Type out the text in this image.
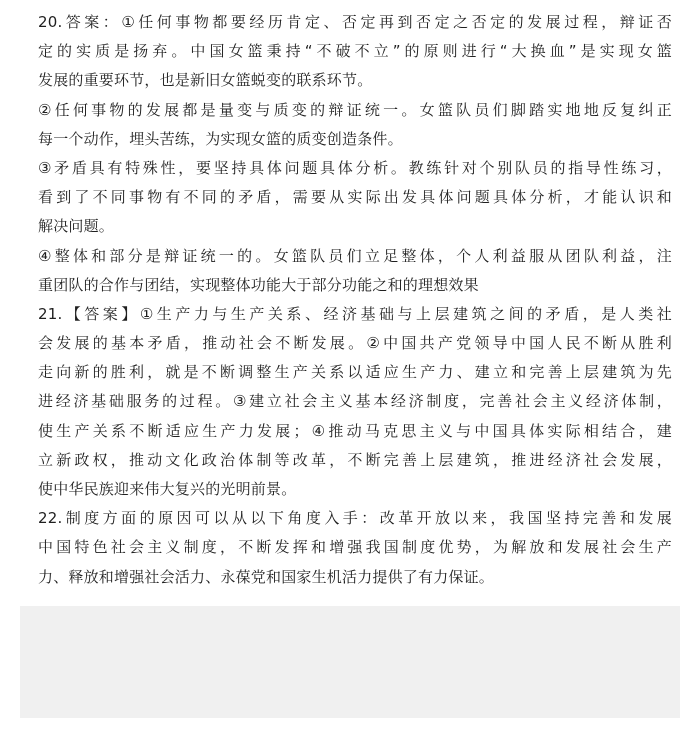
20.答案：①任何事物都要经历肯定、否定再到否定之否定的发展过程，辩证否
定的实质是扬弃。中国女篮秉持“不破不立”的原则进行“大换血”是实现女篮
发展的重要环节，也是新旧女篮蜕变的联系环节。
②任何事物的发展都是量变与质变的辩证统一。女篮队员们脚踏实地地反复纠正
每一个动作，埋头苦练，为实现女篮的质变创造条件。
③矛盾具有特殊性，要坚持具体问题具体分析。教练针对个别队员的指导性练习，
看到了不同事物有不同的矛盾，需要从实际出发具体问题具体分析，才能认识和
解决问题。
④整体和部分是辩证统一的。女篮队员们立足整体，个人利益服从团队利益，注
重团队的合作与团结，实现整体功能大于部分功能之和的理想效果
21.【答案】①生产力与生产关系、经济基础与上层建筑之间的矛盾，是人类社
会发展的基本矛盾，推动社会不断发展。②中国共产党领导中国人民不断从胜利
走向新的胜利，就是不断调整生产关系以适应生产力、建立和完善上层建筑为先
进经济基础服务的过程。③建立社会主义基本经济制度，完善社会主义经济体制，
使生产关系不断适应生产力发展；④推动马克思主义与中国具体实际相结合，建
立新政权，推动文化政治体制等改革，不断完善上层建筑，推进经济社会发展，
使中华民族迎来伟大复兴的光明前景。
22.制度方面的原因可以从以下角度入手：改革开放以来，我国坚持完善和发展
中国特色社会主义制度，不断发挥和增强我国制度优势，为解放和发展社会生产
力、释放和增强社会活力、永葆党和国家生机活力提供了有力保证。
